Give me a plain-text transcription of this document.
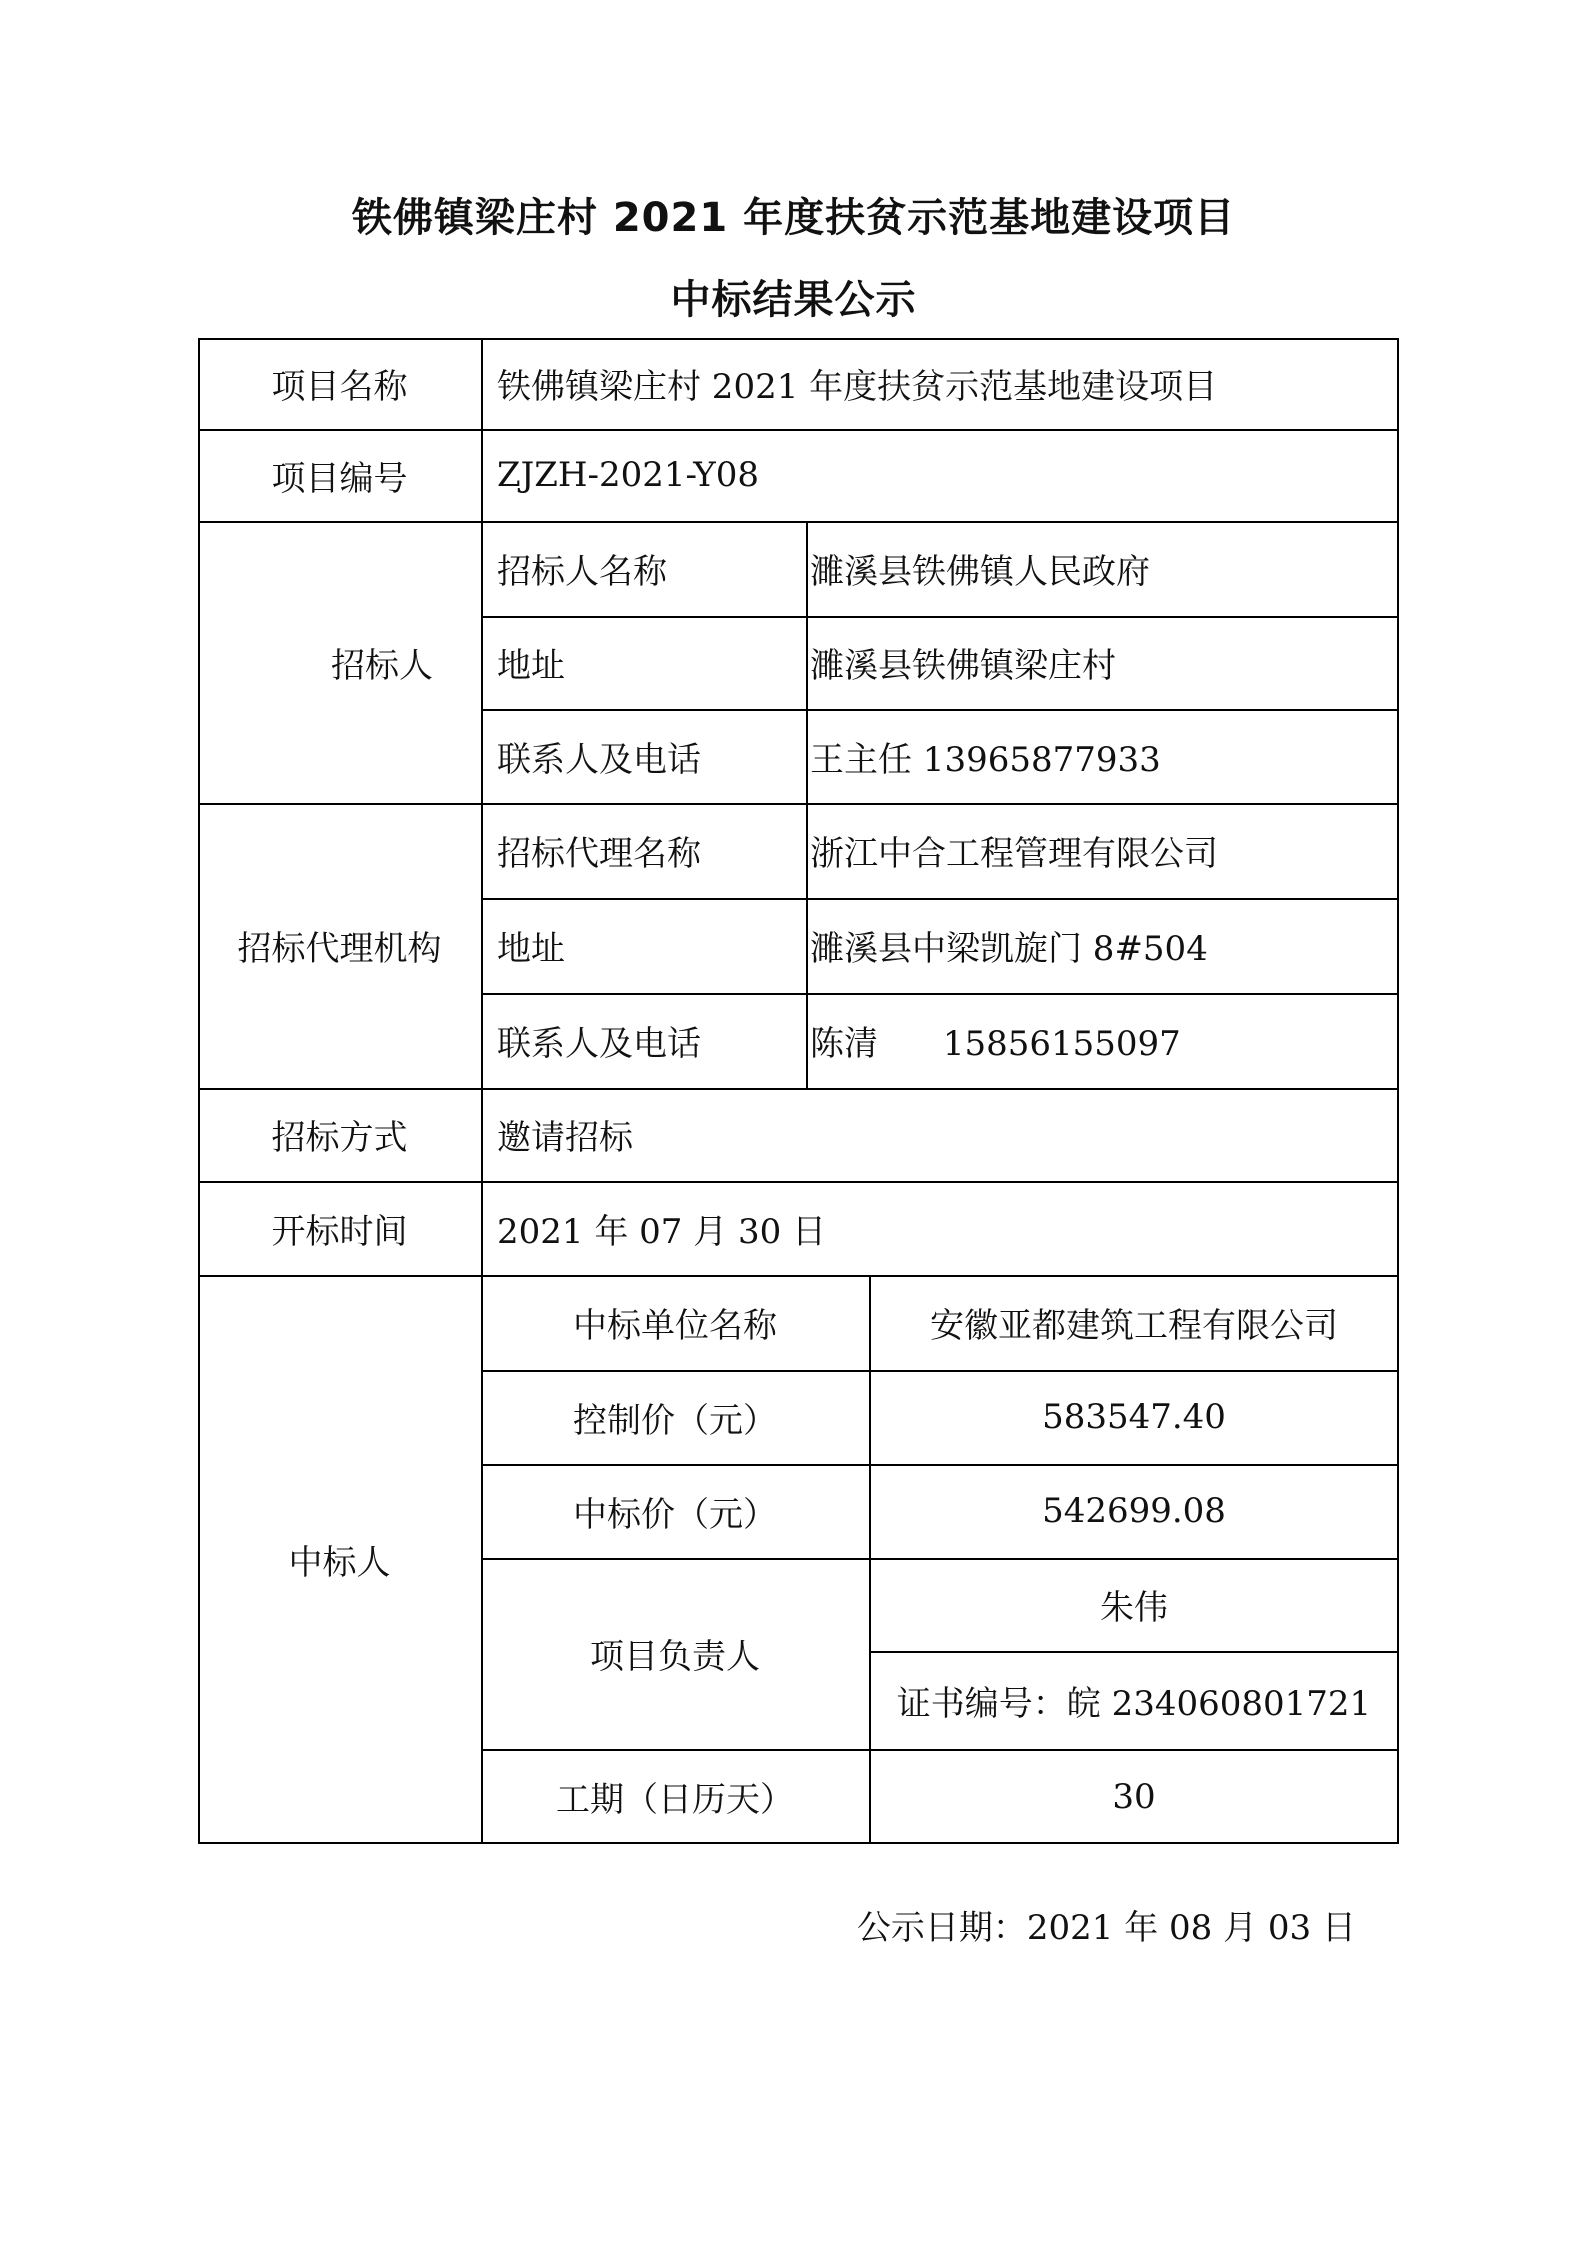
铁佛镇梁庄村 2021 年度扶贫示范基地建设项目
中标结果公示
项目名称	铁佛镇梁庄村 2021 年度扶贫示范基地建设项目
项目编号	ZJZH-2021-Y08
招标人
招标人名称	濉溪县铁佛镇人民政府
地址	濉溪县铁佛镇梁庄村
联系人及电话	王主任 13965877933
招标代理机构
招标代理名称	浙江中合工程管理有限公司
地址	濉溪县中梁凯旋门 8#504
联系人及电话	陈清      15856155097
招标方式	邀请招标
开标时间	2021 年 07 月 30 日
中标人
中标单位名称	安徽亚都建筑工程有限公司
控制价（元）	583547.40
中标价（元）	542699.08
项目负责人
朱伟
证书编号：皖 234060801721
工期（日历天）	30
公示日期：2021 年 08 月 03 日
